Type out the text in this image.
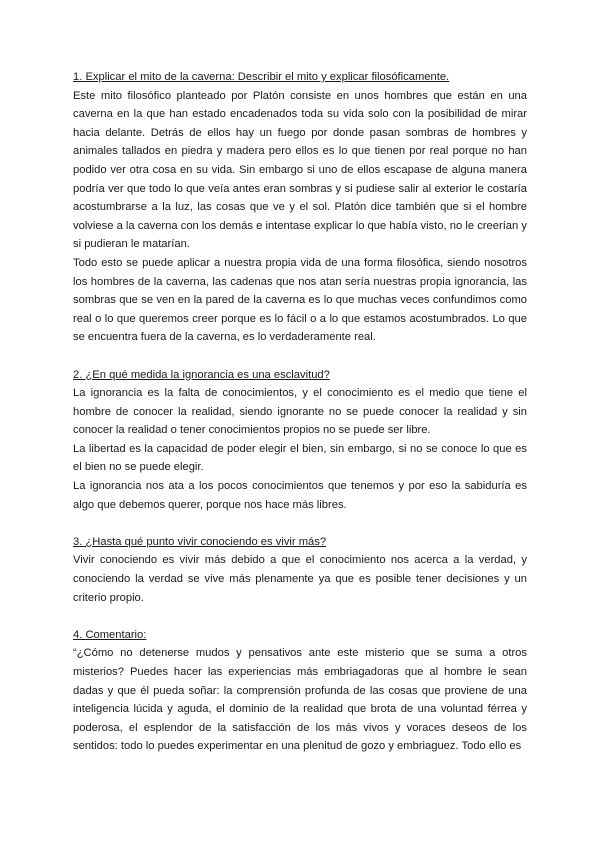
1. Explicar el mito de la caverna: Describir el mito y explicar filosóficamente.

Este mito filosófico planteado por Platón consiste en unos hombres que están en una caverna en la que han estado encadenados toda su vida solo con la posibilidad de mirar hacia delante. Detrás de ellos hay un fuego por donde pasan sombras de hombres y animales tallados en piedra y madera pero ellos es lo que tienen por real porque no han podido ver otra cosa en su vida. Sin embargo si uno de ellos escapase de alguna manera podría ver que todo lo que veía antes eran sombras y si pudiese salir al exterior le costaría acostumbrarse a la luz, las cosas que ve y el sol. Platón dice también que si el hombre volviese a la caverna con los demás e intentase explicar lo que había visto, no le creerían y si pudieran le matarían.

Todo esto se puede aplicar a nuestra propia vida de una forma filosófica, siendo nosotros los hombres de la caverna, las cadenas que nos atan sería nuestras propia ignorancia, las sombras que se ven en la pared de la caverna es lo que muchas veces confundimos como real o lo que queremos creer porque es lo fácil o a lo que estamos acostumbrados. Lo que se encuentra fuera de la caverna, es lo verdaderamente real.

2. ¿En qué medida la ignorancia es una esclavitud?

La ignorancia es la falta de conocimientos, y el conocimiento es el medio que tiene el hombre de conocer la realidad, siendo ignorante no se puede conocer la realidad y sin conocer la realidad o tener conocimientos propios no se puede ser libre.

La libertad es la capacidad de poder elegir el bien, sin embargo, si no se conoce lo que es el bien no se puede elegir.

La ignorancia nos ata a los pocos conocimientos que tenemos y por eso la sabiduría es algo que debemos querer, porque nos hace más libres.

3. ¿Hasta qué punto vivir conociendo es vivir más?

Vivir conociendo es vivir más debido a que el conocimiento nos acerca a la verdad, y conociendo la verdad se vive más plenamente ya que es posible tener decisiones y un criterio propio.

4. Comentario:

“¿Cómo no detenerse mudos y pensativos ante este misterio que se suma a otros misterios? Puedes hacer las experiencias más embriagadoras que al hombre le sean dadas y que él pueda soñar: la comprensión profunda de las cosas que proviene de una inteligencia lúcida y aguda, el dominio de la realidad que brota de una voluntad férrea y poderosa, el esplendor de la satisfacción de los más vivos y voraces deseos de los sentidos: todo lo puedes experimentar en una plenitud de gozo y embriaguez. Todo ello es
